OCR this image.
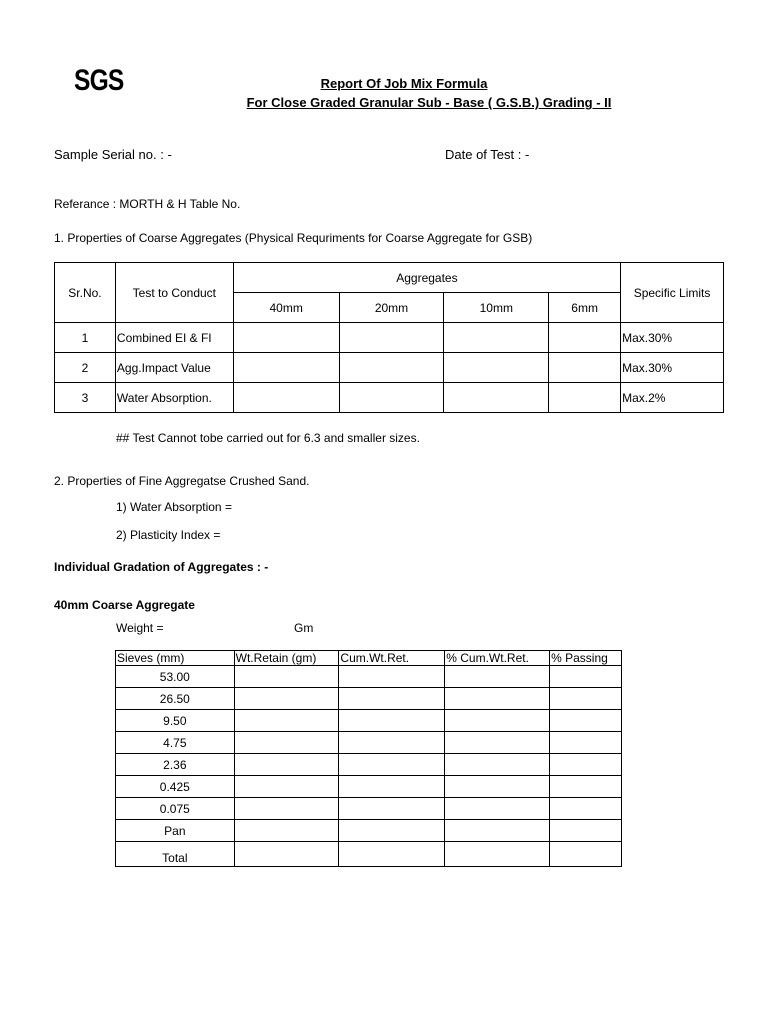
SGS	Report Of Job Mix Formula
For Close Graded Granular Sub - Base ( G.S.B.) Grading - II
Sample Serial no. : -	Date of Test : -
Referance : MORTH & H Table No.
1. Properties of Coarse Aggregates (Physical Requriments for Coarse Aggregate for GSB)
Sr.No.	Test to Conduct	Aggregates				Specific Limits
		40mm	20mm	10mm	6mm	
1	Combined EI & FI					Max.30%
2	Agg.Impact Value					Max.30%
3	Water Absorption.					Max.2%
## Test Cannot tobe carried out for 6.3 and smaller sizes.
2. Properties of Fine Aggregatse Crushed Sand.
1) Water Absorption =
2) Plasticity Index =
Individual Gradation of Aggregates : -
40mm Coarse Aggregate
Weight =	Gm
Sieves (mm)	Wt.Retain (gm)	Cum.Wt.Ret.	% Cum.Wt.Ret.	% Passing
53.00				
26.50				
9.50				
4.75				
2.36				
0.425				
0.075				
Pan				
Total				
